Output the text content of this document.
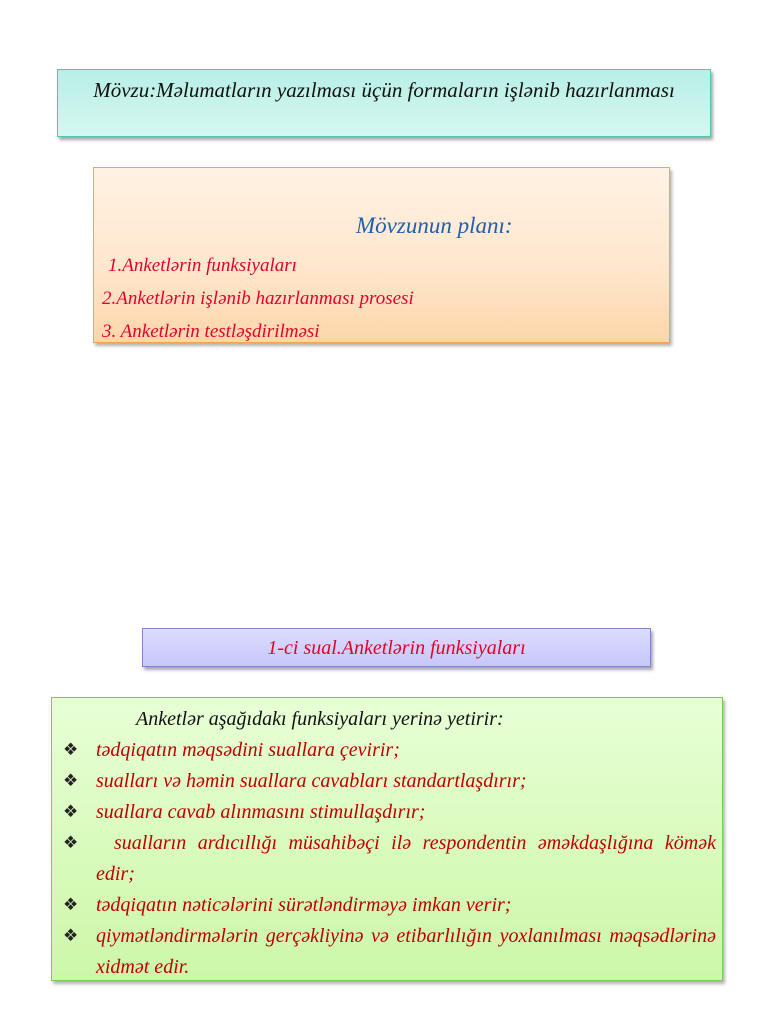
Mövzu:Məlumatların yazılması üçün formaların işlənib hazırlanması
Mövzunun planı:
1.Anketlərin funksiyaları
2.Anketlərin işlənib hazırlanması prosesi
3. Anketlərin testləşdirilməsi
1-ci sual.Anketlərin funksiyaları
Anketlər aşağıdakı funksiyaları yerinə yetirir:
❖ tədqiqatın məqsədini suallara çevirir;
❖ sualları və həmin suallara cavabları standartlaşdırır;
❖ suallara cavab alınmasını stimullaşdırır;
❖	sualların ardıcıllığı müsahibəçi ilə respondentin əməkdaşlığına kömək edir;
❖ tədqiqatın nəticələrini sürətləndirməyə imkan verir;
❖ qiymətləndirmələrin gerçəkliyinə və etibarlılığın yoxlanılması məqsədlərinə xidmət edir.
